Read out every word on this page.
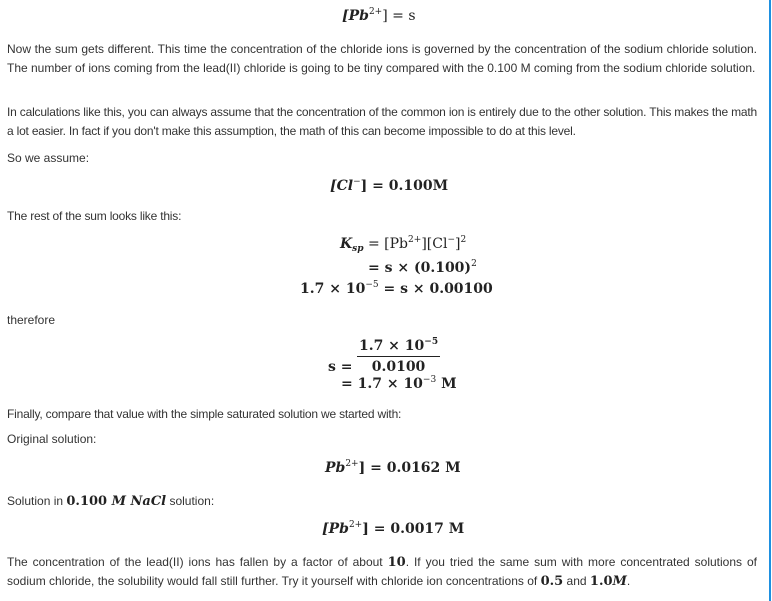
$[Pb^{2+}] = s$
Now the sum gets different. This time the concentration of the chloride ions is governed by the concentration of the sodium chloride solution. The number of ions coming from the lead(II) chloride is going to be tiny compared with the 0.100 M coming from the sodium chloride solution.
In calculations like this, you can always assume that the concentration of the common ion is entirely due to the other solution. This makes the math a lot easier. In fact if you don't make this assumption, the math of this can become impossible to do at this level.
So we assume:
[Cl−] = 0.100M
The rest of the sum looks like this:
$K_{sp} = [Pb^{2+}][Cl^-]^2$
= $s \times (0.100)^2$
$1.7 \times 10^{-5} = s \times 0.00100$
therefore
$s = \frac{1.7 \times 10^{-5}}{0.0100}$
= $1.7 \times 10^{-3}$ M
Finally, compare that value with the simple saturated solution we started with:
Original solution:
$Pb^{2+}] = 0.0162$ M
Solution in 0.100 M NaCl solution:
$[Pb^{2+}] = 0.0017$ M
The concentration of the lead(II) ions has fallen by a factor of about 10. If you tried the same sum with more concentrated solutions of sodium chloride, the solubility would fall still further. Try it yourself with chloride ion concentrations of 0.5 and 1.0M.
